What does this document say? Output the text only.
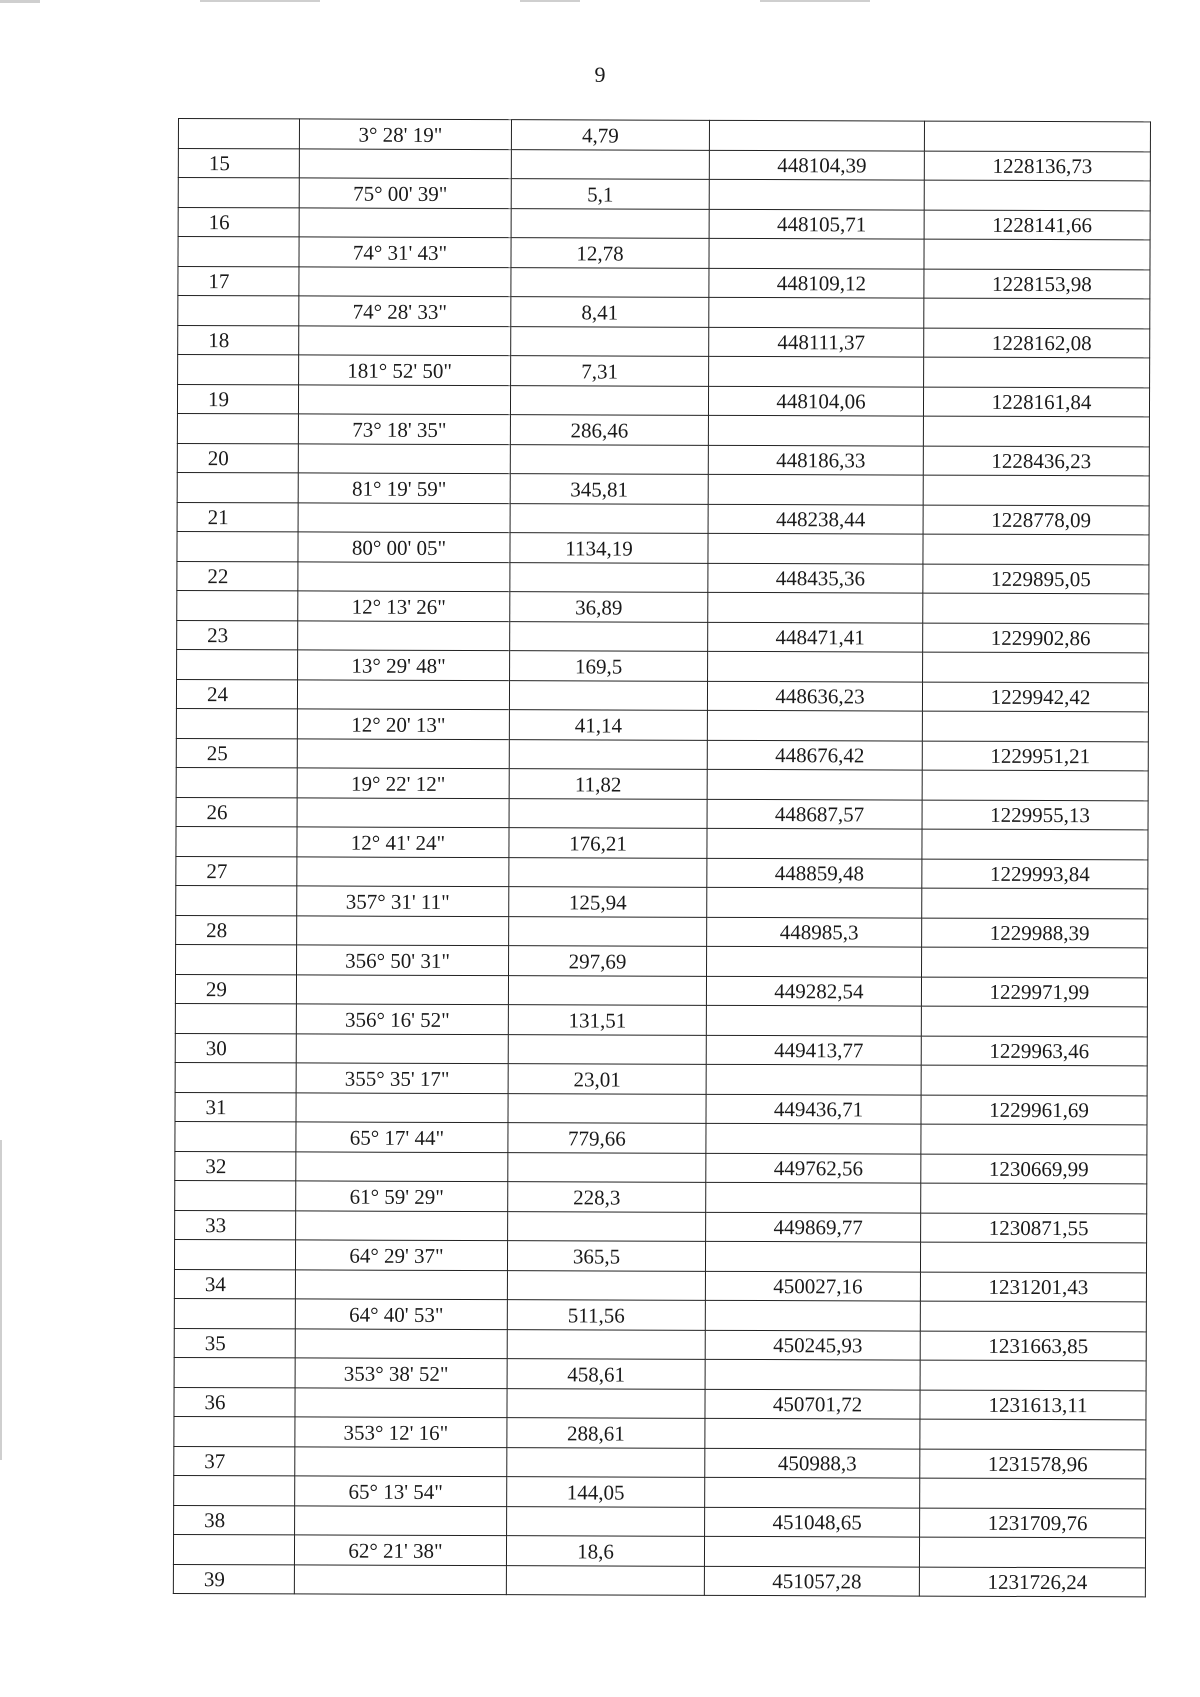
9
	3° 28' 19"	4,79		
15			448104,39	1228136,73
	75° 00' 39"	5,1		
16			448105,71	1228141,66
	74° 31' 43"	12,78		
17			448109,12	1228153,98
	74° 28' 33"	8,41		
18			448111,37	1228162,08
	181° 52' 50"	7,31		
19			448104,06	1228161,84
	73° 18' 35"	286,46		
20			448186,33	1228436,23
	81° 19' 59"	345,81		
21			448238,44	1228778,09
	80° 00' 05"	1134,19		
22			448435,36	1229895,05
	12° 13' 26"	36,89		
23			448471,41	1229902,86
	13° 29' 48"	169,5		
24			448636,23	1229942,42
	12° 20' 13"	41,14		
25			448676,42	1229951,21
	19° 22' 12"	11,82		
26			448687,57	1229955,13
	12° 41' 24"	176,21		
27			448859,48	1229993,84
	357° 31' 11"	125,94		
28			448985,3	1229988,39
	356° 50' 31"	297,69		
29			449282,54	1229971,99
	356° 16' 52"	131,51		
30			449413,77	1229963,46
	355° 35' 17"	23,01		
31			449436,71	1229961,69
	65° 17' 44"	779,66		
32			449762,56	1230669,99
	61° 59' 29"	228,3		
33			449869,77	1230871,55
	64° 29' 37"	365,5		
34			450027,16	1231201,43
	64° 40' 53"	511,56		
35			450245,93	1231663,85
	353° 38' 52"	458,61		
36			450701,72	1231613,11
	353° 12' 16"	288,61		
37			450988,3	1231578,96
	65° 13' 54"	144,05		
38			451048,65	1231709,76
	62° 21' 38"	18,6		
39			451057,28	1231726,24
